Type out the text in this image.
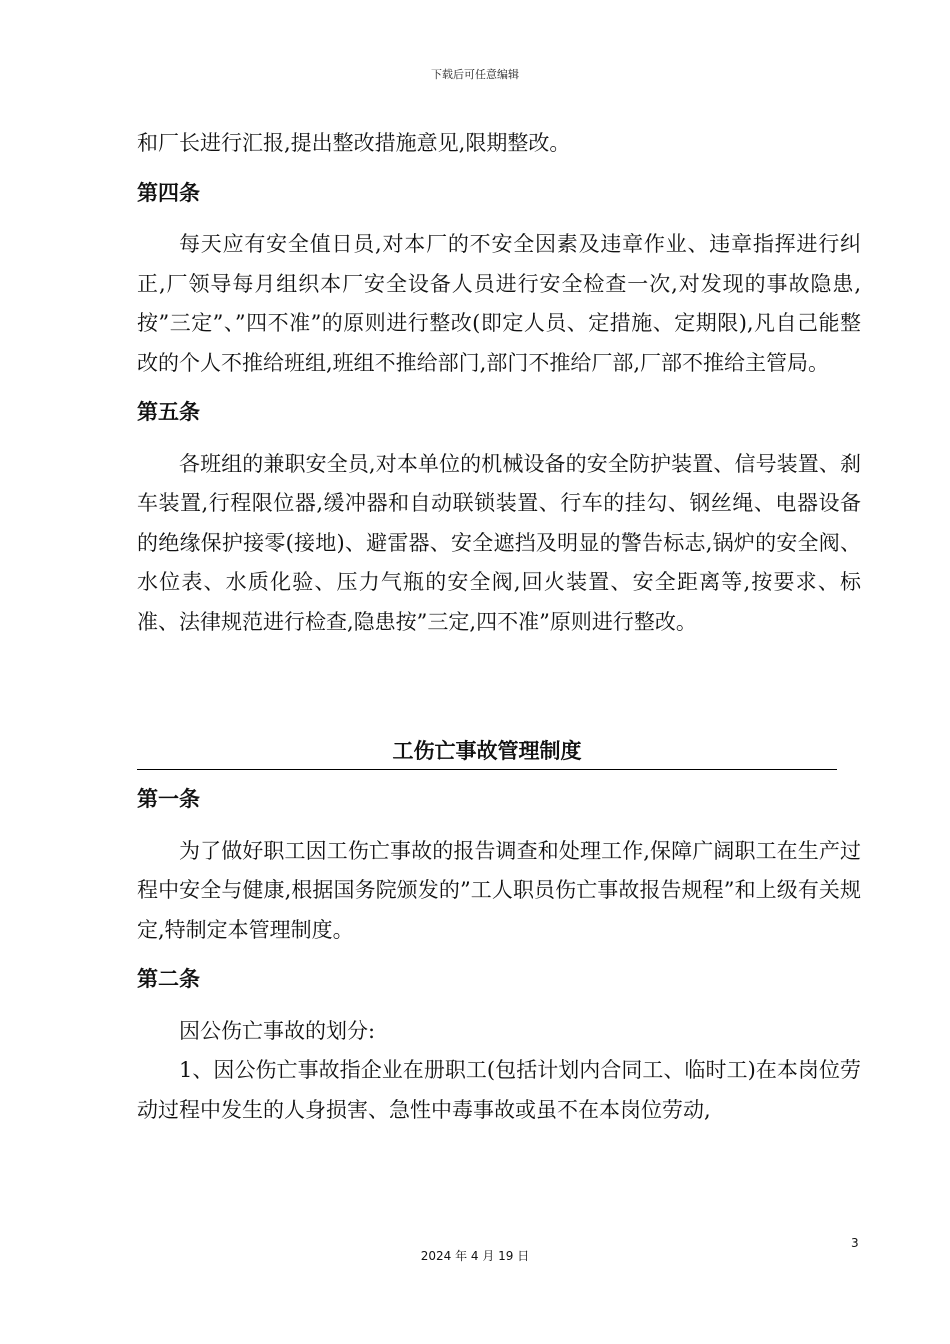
下载后可任意编辑

和厂长进行汇报,提出整改措施意见,限期整改。

第四条

每天应有安全值日员,对本厂的不安全因素及违章作业、违章指挥进行纠正,厂领导每月组织本厂安全设备人员进行安全检查一次,对发现的事故隐患,按”三定”、”四不准”的原则进行整改(即定人员、定措施、定期限),凡自己能整改的个人不推给班组,班组不推给部门,部门不推给厂部,厂部不推给主管局。

第五条

各班组的兼职安全员,对本单位的机械设备的安全防护装置、信号装置、刹车装置,行程限位器,缓冲器和自动联锁装置、行车的挂勾、钢丝绳、电器设备的绝缘保护接零(接地)、避雷器、安全遮挡及明显的警告标志,锅炉的安全阀、水位表、水质化验、压力气瓶的安全阀,回火装置、安全距离等,按要求、标准、法律规范进行检查,隐患按”三定,四不准”原则进行整改。

工伤亡事故管理制度
第一条

为了做好职工因工伤亡事故的报告调查和处理工作,保障广阔职工在生产过程中安全与健康,根据国务院颁发的”工人职员伤亡事故报告规程”和上级有关规定,特制定本管理制度。

第二条

因公伤亡事故的划分:

1、因公伤亡事故指企业在册职工(包括计划内合同工、临时工)在本岗位劳动过程中发生的人身损害、急性中毒事故或虽不在本岗位劳动,

3
2024 年 4 月 19 日
